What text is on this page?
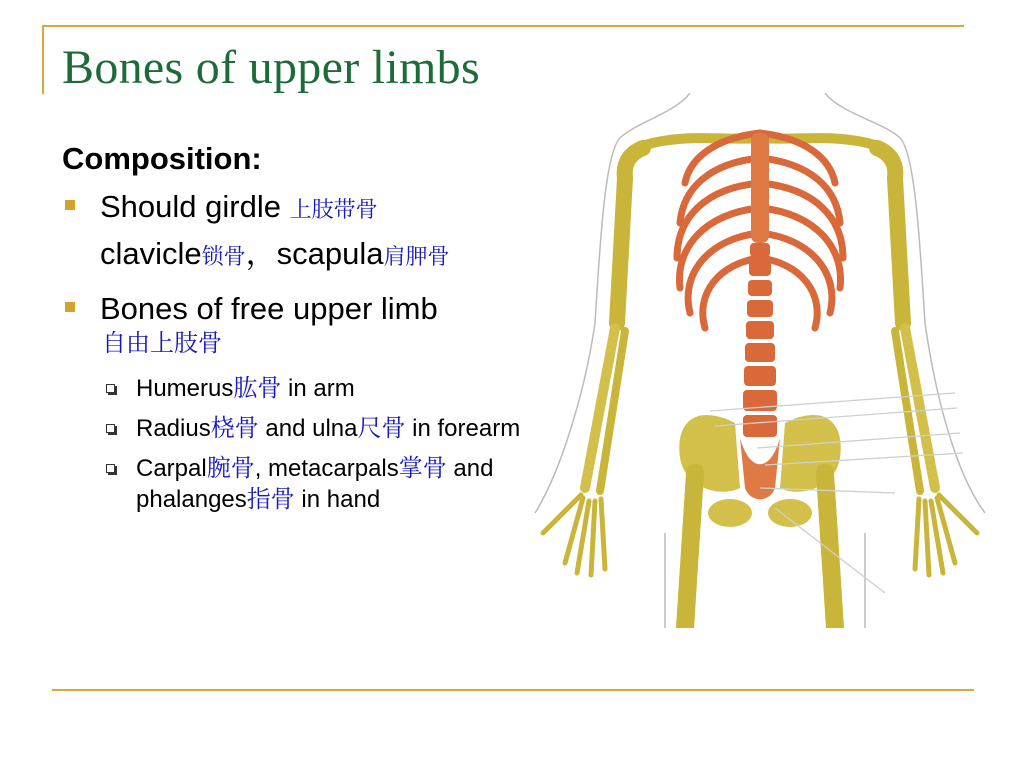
Bones of upper limbs
Composition:
Should girdle 上肢带骨
clavicle锁骨，scapula肩胛骨
Bones of free upper limb
自由上肢骨
Humerus肱骨 in arm
Radius桡骨 and ulna尺骨 in forearm
Carpal腕骨, metacarpals掌骨 and phalanges指骨 in hand
